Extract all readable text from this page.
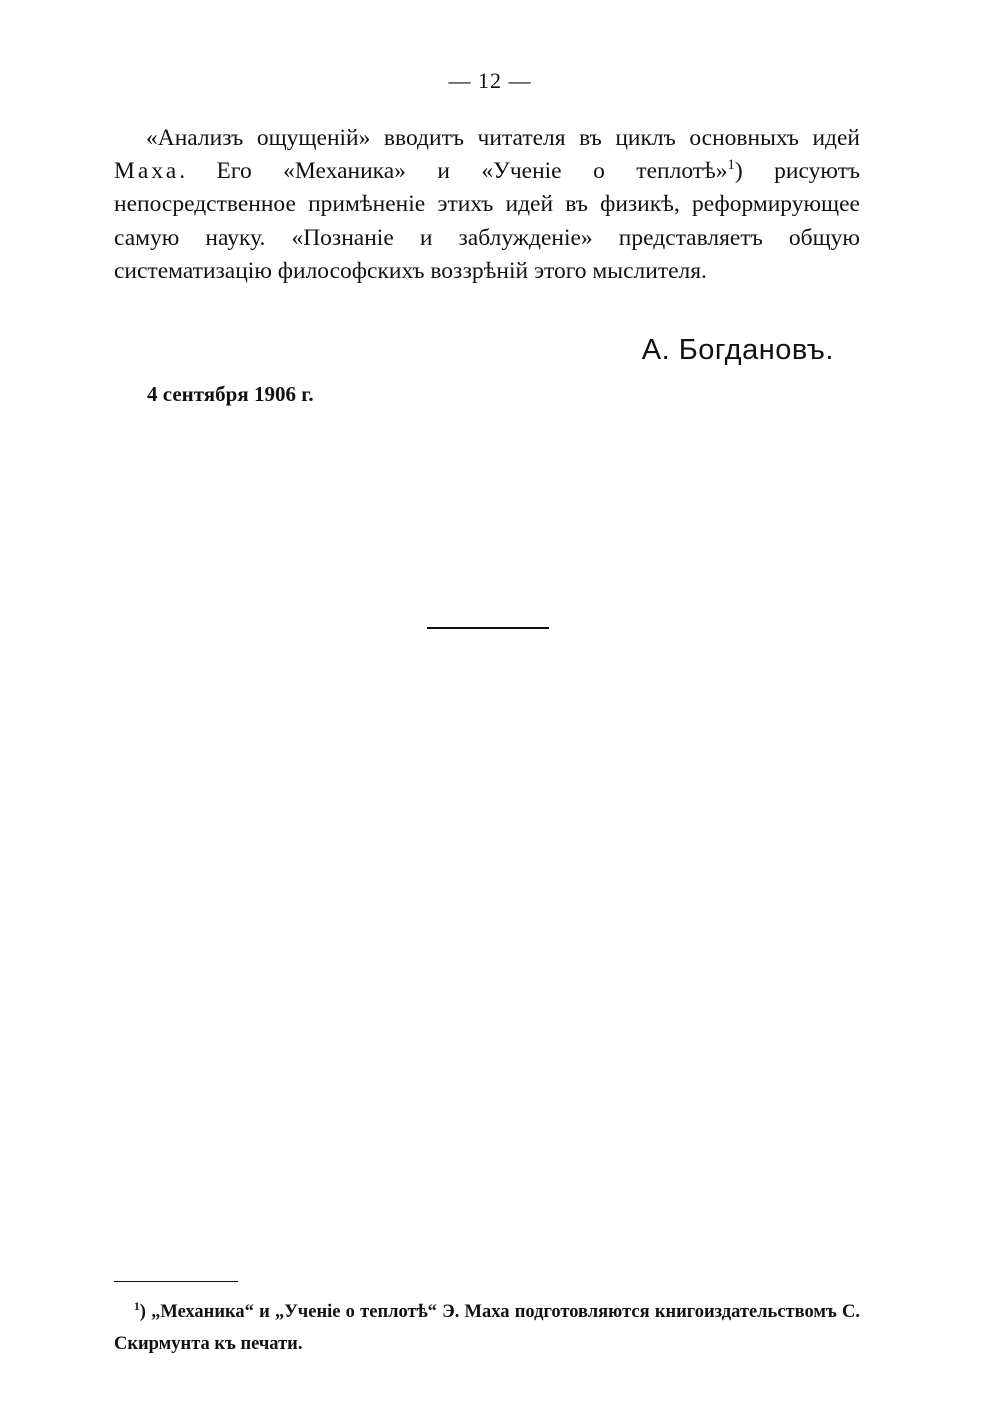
— 12 —

«Анализъ ощущеній» вводитъ читателя въ циклъ основныхъ идей Маха. Его «Механика» и «Ученіе о теплотѣ»$^1$) рисуютъ непосредственное примѣненіе этихъ идей въ физикѣ, реформирующее самую науку. «Познаніе и заблужденіе» представляетъ общую систематизацію философскихъ воззрѣній этого мыслителя.

А. Богдановъ.
4 сентября 1906 г.

$^1$) „Механика“ и „Ученіе о теплотѣ“ Э. Маха подготовляются книгоиздательствомъ С. Скирмунта къ печати.
